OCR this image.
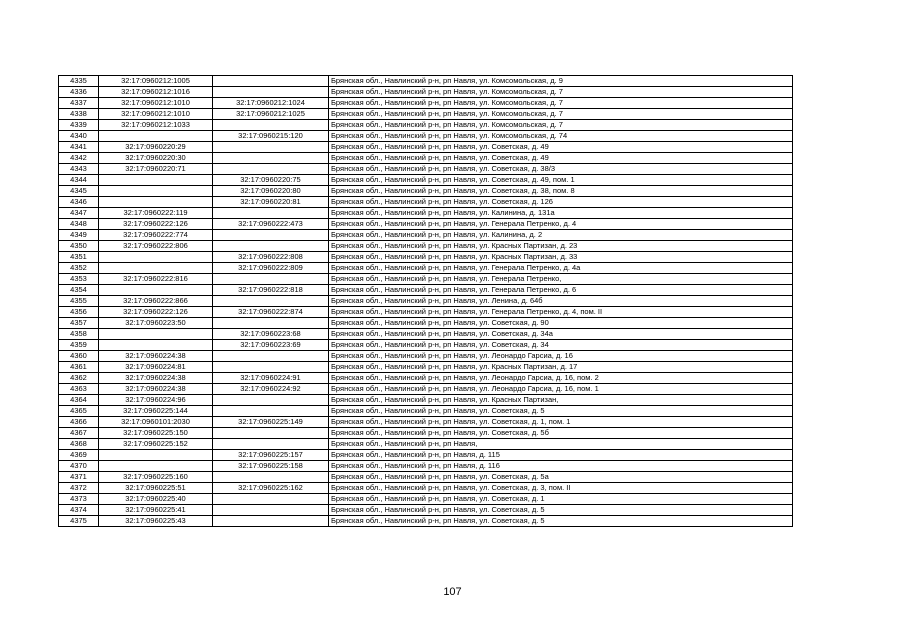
4335	32:17:0960212:1005		Брянская обл., Навлинский р-н, рп Навля, ул. Комсомольская, д. 9
4336	32:17:0960212:1016		Брянская обл., Навлинский р-н, рп Навля, ул. Комсомольская, д. 7
4337	32:17:0960212:1010	32:17:0960212:1024	Брянская обл., Навлинский р-н, рп Навля, ул. Комсомольская, д. 7
4338	32:17:0960212:1010	32:17:0960212:1025	Брянская обл., Навлинский р-н, рп Навля, ул. Комсомольская, д. 7
4339	32:17:0960212:1033		Брянская обл., Навлинский р-н, рп Навля, ул. Комсомольская, д. 7
4340		32:17:0960215:120	Брянская обл., Навлинский р-н, рп Навля, ул. Комсомольская, д. 74
4341	32:17:0960220:29		Брянская обл., Навлинский р-н, рп Навля, ул. Советская, д. 49
4342	32:17:0960220:30		Брянская обл., Навлинский р-н, рп Навля, ул. Советская, д. 49
4343	32:17:0960220:71		Брянская обл., Навлинский р-н, рп Навля, ул. Советская, д. 38/3
4344		32:17:0960220:75	Брянская обл., Навлинский р-н, рп Навля, ул. Советская, д. 49, пом. 1
4345		32:17:0960220:80	Брянская обл., Навлинский р-н, рп Навля, ул. Советская, д. 38, пом. 8
4346		32:17:0960220:81	Брянская обл., Навлинский р-н, рп Навля, ул. Советская, д. 126
4347	32:17:0960222:119		Брянская обл., Навлинский р-н, рп Навля, ул. Калинина, д. 131а
4348	32:17:0960222:126	32:17:0960222:473	Брянская обл., Навлинский р-н, рп Навля, ул. Генерала Петренко, д. 4
4349	32:17:0960222:774		Брянская обл., Навлинский р-н, рп Навля, ул. Калинина, д. 2
4350	32:17:0960222:806		Брянская обл., Навлинский р-н, рп Навля, ул. Красных Партизан, д. 23
4351		32:17:0960222:808	Брянская обл., Навлинский р-н, рп Навля, ул. Красных Партизан, д. 33
4352		32:17:0960222:809	Брянская обл., Навлинский р-н, рп Навля, ул. Генерала Петренко, д. 4а
4353	32:17:0960222:816		Брянская обл., Навлинский р-н, рп Навля, ул. Генерала Петренко,
4354		32:17:0960222:818	Брянская обл., Навлинский р-н, рп Навля, ул. Генерала Петренко, д. 6
4355	32:17:0960222:866		Брянская обл., Навлинский р-н, рп Навля, ул. Ленина, д. 64б
4356	32:17:0960222:126	32:17:0960222:874	Брянская обл., Навлинский р-н, рп Навля, ул. Генерала Петренко, д. 4, пом. II
4357	32:17:0960223:50		Брянская обл., Навлинский р-н, рп Навля, ул. Советская, д. 90
4358		32:17:0960223:68	Брянская обл., Навлинский р-н, рп Навля, ул. Советская, д. 34а
4359		32:17:0960223:69	Брянская обл., Навлинский р-н, рп Навля, ул. Советская, д. 34
4360	32:17:0960224:38		Брянская обл., Навлинский р-н, рп Навля, ул. Леонардо Гарсиа, д. 16
4361	32:17:0960224:81		Брянская обл., Навлинский р-н, рп Навля, ул. Красных Партизан, д. 17
4362	32:17:0960224:38	32:17:0960224:91	Брянская обл., Навлинский р-н, рп Навля, ул. Леонардо Гарсиа, д. 16, пом. 2
4363	32:17:0960224:38	32:17:0960224:92	Брянская обл., Навлинский р-н, рп Навля, ул. Леонардо Гарсиа, д. 16, пом. 1
4364	32:17:0960224:96		Брянская обл., Навлинский р-н, рп Навля, ул. Красных Партизан,
4365	32:17:0960225:144		Брянская обл., Навлинский р-н, рп Навля, ул. Советская, д. 5
4366	32:17:0960101:2030	32:17:0960225:149	Брянская обл., Навлинский р-н, рп Навля, ул. Советская, д. 1, пом. 1
4367	32:17:0960225:150		Брянская обл., Навлинский р-н, рп Навля, ул. Советская, д. 5б
4368	32:17:0960225:152		Брянская обл., Навлинский р-н, рп Навля,
4369		32:17:0960225:157	Брянская обл., Навлинский р-н, рп Навля, д. 115
4370		32:17:0960225:158	Брянская обл., Навлинский р-н, рп Навля, д. 116
4371	32:17:0960225:160		Брянская обл., Навлинский р-н, рп Навля, ул. Советская, д. 5а
4372	32:17:0960225:51	32:17:0960225:162	Брянская обл., Навлинский р-н, рп Навля, ул. Советская, д. 3, пом. II
4373	32:17:0960225:40		Брянская обл., Навлинский р-н, рп Навля, ул. Советская, д. 1
4374	32:17:0960225:41		Брянская обл., Навлинский р-н, рп Навля, ул. Советская, д. 5
4375	32:17:0960225:43		Брянская обл., Навлинский р-н, рп Навля, ул. Советская, д. 5
107
